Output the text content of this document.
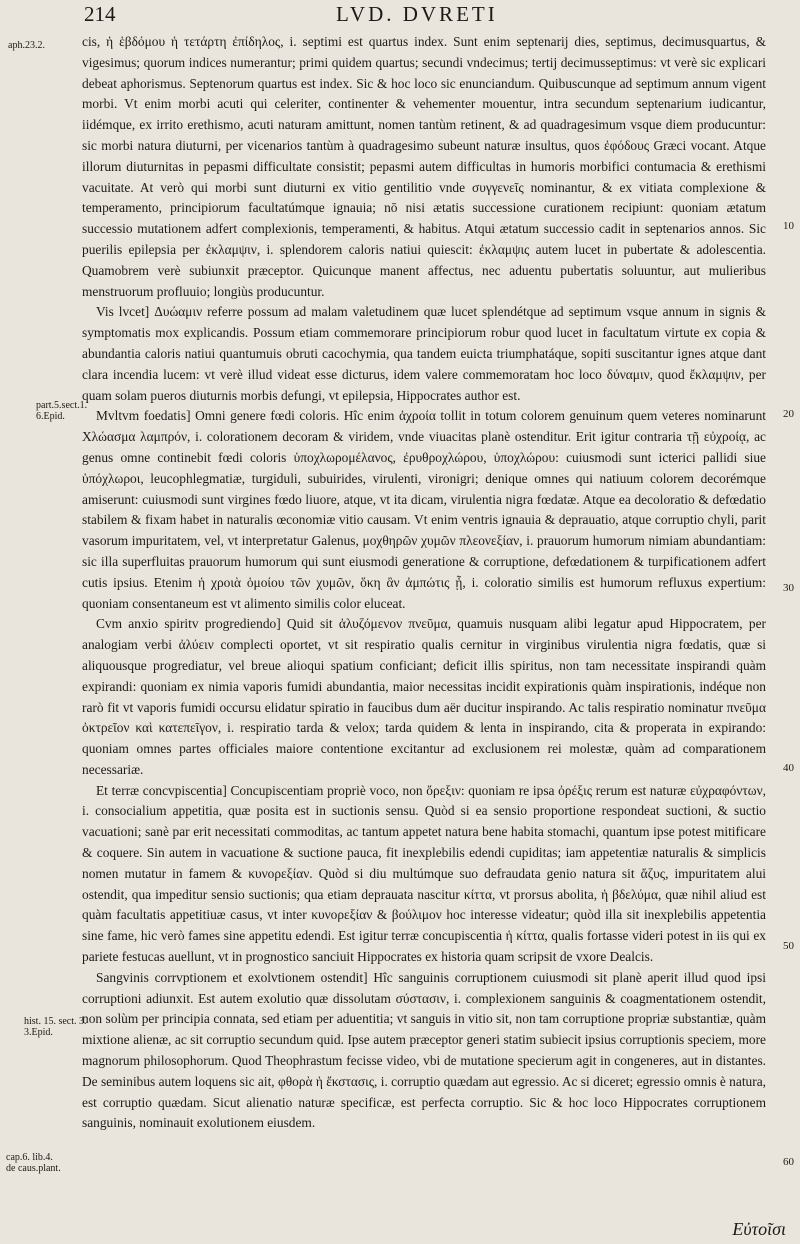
214	LVD. DVRETI
aph.23.2.
part.5.sect.1.
6.Epid.
hist. 15. sect. 3.
3.Epid.
cap.6. lib.4.
de caus.plant.
10
20
30
40
50
60

cis, ἡ ἑβδόμου ἡ τετάρτη ἐπίδηλος, i. septimi est quartus index. Sunt enim septenarij dies, septimus, decimusquartus, & vigesimus; quorum indices numerantur; primi quidem quartus; secundi vndecimus; tertij decimusseptimus: vt verè sic explicari debeat aphorismus. Septenorum quartus est index. Sic & hoc loco sic enunciandum. Quibuscunque ad septimum annum vigent morbi. Vt enim morbi acuti qui celeriter, continenter & vehementer mouentur, intra secundum septenarium iudicantur, iidémque, ex irrito erethismo, acuti naturam amittunt, nomen tantùm retinent, & ad quadragesimum vsque diem producuntur: sic morbi natura diuturni, per vicenarios tantùm à quadragesimo subeunt naturæ insultus, quos ἐφόδους Græci vocant. Atque illorum diuturnitas in pepasmi difficultate consistit; pepasmi autem difficultas in humoris morbifici contumacia & erethismi vacuitate. At verò qui morbi sunt diuturni ex vitio gentilitio vnde συγγενεῖς nominantur, & ex vitiata complexione & temperamento, principiorum facultatúmque ignauia; nō nisi ætatis successione curationem recipiunt: quoniam ætatum successio mutationem adfert complexionis, temperamenti, & habitus. Atqui ætatum successio cadit in septenarios annos. Sic puerilis epilepsia per ἐκλαμψιν, i. splendorem caloris natiui quiescit: ἐκλαμψις autem lucet in pubertate & adolescentia. Quamobrem verè subiunxit præceptor. Quicunque manent affectus, nec aduentu pubertatis soluuntur, aut mulieribus menstruorum profluuio; longiùs producuntur.

Vis lvcet] Δυώαμιν referre possum ad malam valetudinem quæ lucet splendétque ad septimum vsque annum in signis & symptomatis mox explicandis. Possum etiam commemorare principiorum robur quod lucet in facultatum virtute ex copia & abundantia caloris natiui quantumuis obruti cacochymia, qua tandem euicta triumphatáque, sopiti suscitantur ignes atque dant clara incendia lucem: vt verè illud videat esse dicturus, idem valere commemoratam hoc loco δύναμιν, quod ἔκλαμψιν, per quam solam pueros diuturnis morbis defungi, vt epilepsia, Hippocrates author est.

Mvltvm foedatis] Omni genere fœdi coloris. Hîc enim ἀχροία tollit in totum colorem genuinum quem veteres nominarunt Χλώασμα λαμπρόν, i. colorationem decoram & viridem, vnde viuacitas planè ostenditur. Erit igitur contraria τῇ εὐχροίᾳ, ac genus omne continebit fœdi coloris ὑποχλωρομέλανος, ἐρυθροχλώρου, ὑποχλώρου: cuiusmodi sunt icterici pallidi siue ὑπόχλωροι, leucophlegmatiæ, turgiduli, subuirides, virulenti, vironigri; denique omnes qui natiuum colorem decorémque amiserunt: cuiusmodi sunt virgines fœdo liuore, atque, vt ita dicam, virulentia nigra fœdatæ. Atque ea decoloratio & defœdatio stabilem & fixam habet in naturalis œconomiæ vitio causam. Vt enim ventris ignauia & deprauatio, atque corruptio chyli, parit vasorum impuritatem, vel, vt interpretatur Galenus, μοχθηρῶν χυμῶν πλεονεξίαν, i. prauorum humorum nimiam abundantiam: sic illa superfluitas prauorum humorum qui sunt eiusmodi generatione & corruptione, defœdationem & turpificationem adfert cutis ipsius. Etenim ἡ χροιὰ ὁμοίου τῶν χυμῶν, ὅκη ἂν ἀμπώτις ᾖ, i. coloratio similis est humorum refluxus expertium: quoniam consentaneum est vt alimento similis color eluceat.

Cvm anxio spiritv progrediendo] Quid sit ἀλυζόμενον πνεῦμα, quamuis nusquam alibi legatur apud Hippocratem, per analogiam verbi ἀλύειν complecti oportet, vt sit respiratio qualis cernitur in virginibus virulentia nigra fœdatis, quæ si aliquousque progrediatur, vel breue alioqui spatium conficiant; deficit illis spiritus, non tam necessitate inspirandi quàm expirandi: quoniam ex nimia vaporis fumidi abundantia, maior necessitas incidit expirationis quàm inspirationis, indéque non rarò fit vt vaporis fumidi occursu elidatur spiratio in faucibus dum aër ducitur inspirando. Ac talis respiratio nominatur πνεῦμα ὀκτρεῖον καὶ κατεπεῖγον, i. respiratio tarda & velox; tarda quidem & lenta in inspirando, cita & properata in expirando: quoniam omnes partes officiales maiore contentione excitantur ad exclusionem rei molestæ, quàm ad comparationem necessariæ.

Et terræ concvpiscentia] Concupiscentiam propriè voco, non ὄρεξιν: quoniam re ipsa ὀρέξις rerum est naturæ εὐχραφόντων, i. consocialium appetitia, quæ posita est in suctionis sensu. Quòd si ea sensio proportione respondeat suctioni, & suctio vacuationi; sanè par erit necessitati commoditas, ac tantum appetet natura bene habita stomachi, quantum ipse potest mitificare & coquere. Sin autem in vacuatione & suctione pauca, fit inexplebilis edendi cupiditas; iam appetentiæ naturalis & simplicis nomen mutatur in famem & κυνορεξίαν. Quòd si diu multúmque suo defraudata genio natura sit ἄζυς, impuritatem alui ostendit, qua impeditur sensio suctionis; qua etiam deprauata nascitur κίττα, vt prorsus abolita, ἡ βδελύμα, quæ nihil aliud est quàm facultatis appetitiuæ casus, vt inter κυνορεξίαν & βούλιμον hoc interesse videatur; quòd illa sit inexplebilis appetentia sine fame, hic verò fames sine appetitu edendi. Est igitur terræ concupiscentia ἡ κίττα, qualis fortasse videri potest in iis qui ex pariete festucas auellunt, vt in prognostico sanciuit Hippocrates ex historia quam scripsit de vxore Dealcis.

Sangvinis corrvptionem et exolvtionem ostendit] Hîc sanguinis corruptionem cuiusmodi sit planè aperit illud quod ipsi corruptioni adiunxit. Est autem exolutio quæ dissolutam σύστασιν, i. complexionem sanguinis & coagmentationem ostendit, non solùm per principia connata, sed etiam per aduentitia; vt sanguis in vitio sit, non tam corruptione propriæ substantiæ, quàm mixtione alienæ, ac sit corruptio secundum quid. Ipse autem præceptor generi statim subiecit ipsius corruptionis speciem, more magnorum philosophorum. Quod Theophrastum fecisse video, vbi de mutatione specierum agit in congeneres, aut in distantes. De seminibus autem loquens sic ait, φθορὰ ἡ ἔκστασις, i. corruptio quædam aut egressio. Ac si diceret; egressio omnis è natura, est corruptio quædam. Sicut alienatio naturæ specificæ, est perfecta corruptio. Sic & hoc loco Hippocrates corruptionem sanguinis, nominauit exolutionem eiusdem.

Εὐτοῖσι
